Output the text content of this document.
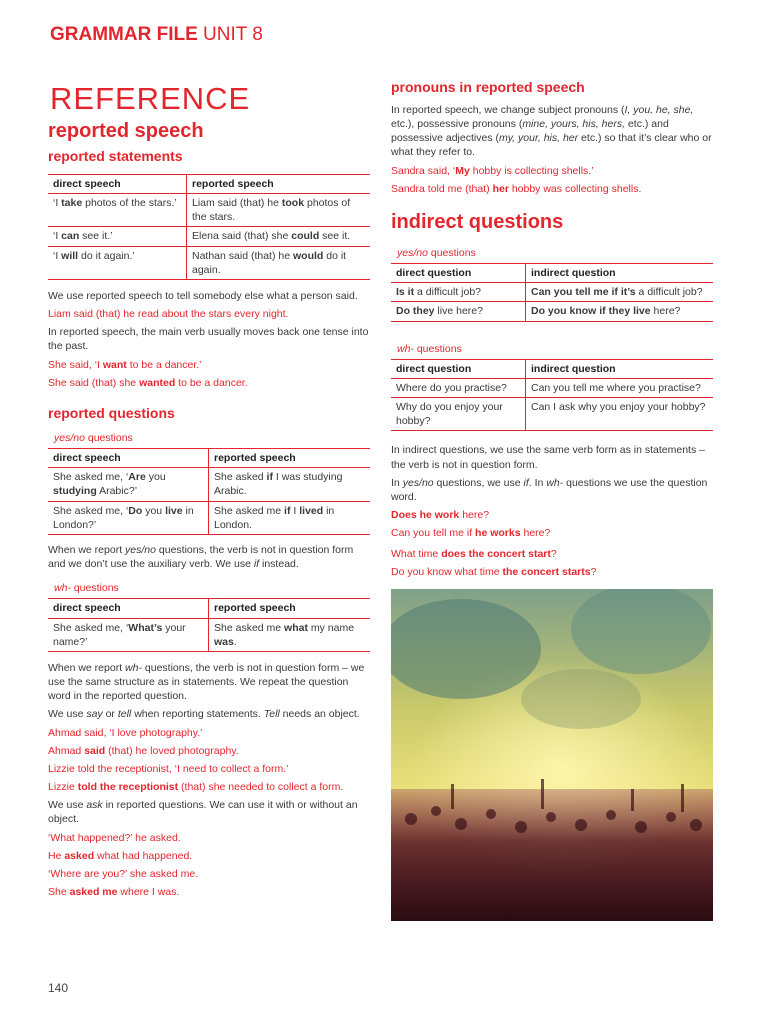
GRAMMAR FILE UNIT 8
REFERENCE
reported speech
reported statements
direct speech	reported speech
‘I take photos of the stars.’	Liam said (that) he took photos of the stars.
‘I can see it.’	Elena said (that) she could see it.
‘I will do it again.’	Nathan said (that) he would do it again.

We use reported speech to tell somebody else what a person said.

Liam said (that) he read about the stars every night.

In reported speech, the main verb usually moves back one tense into the past.

She said, ‘I want to be a dancer.’

She said (that) she wanted to be a dancer.

reported questions
yes/no questions
direct speech	reported speech
She asked me, ‘Are you studying Arabic?’	She asked if I was studying Arabic.
She asked me, ‘Do you live in London?’	She asked me if I lived in London.

When we report yes/no questions, the verb is not in question form and we don’t use the auxiliary verb. We use if instead.

wh- questions
direct speech	reported speech
She asked me, ‘What’s your name?’	She asked me what my name was.

When we report wh- questions, the verb is not in question form – we use the same structure as in statements. We repeat the question word in the reported question.

We use say or tell when reporting statements. Tell needs an object.

Ahmad said, ‘I love photography.’

Ahmad said (that) he loved photography.

Lizzie told the receptionist, ‘I need to collect a form.’

Lizzie told the receptionist (that) she needed to collect a form.

We use ask in reported questions. We can use it with or without an object.

‘What happened?’ he asked.

He asked what had happened.

‘Where are you?’ she asked me.

She asked me where I was.

pronouns in reported speech

In reported speech, we change subject pronouns (I, you, he, she, etc.), possessive pronouns (mine, yours, his, hers, etc.) and possessive adjectives (my, your, his, her etc.) so that it’s clear who or what they refer to.

Sandra said, ‘My hobby is collecting shells.’

Sandra told me (that) her hobby was collecting shells.

indirect questions
yes/no questions
direct question	indirect question
Is it a difficult job?	Can you tell me if it’s a difficult job?
Do they live here?	Do you know if they live here?
wh- questions
direct question	indirect question
Where do you practise?	Can you tell me where you practise?
Why do you enjoy your hobby?	Can I ask why you enjoy your hobby?

In indirect questions, we use the same verb form as in statements – the verb is not in question form.

In yes/no questions, we use if. In wh- questions we use the question word.

Does he work here?

Can you tell me if he works here?

What time does the concert start?

Do you know what time the concert starts?

140
